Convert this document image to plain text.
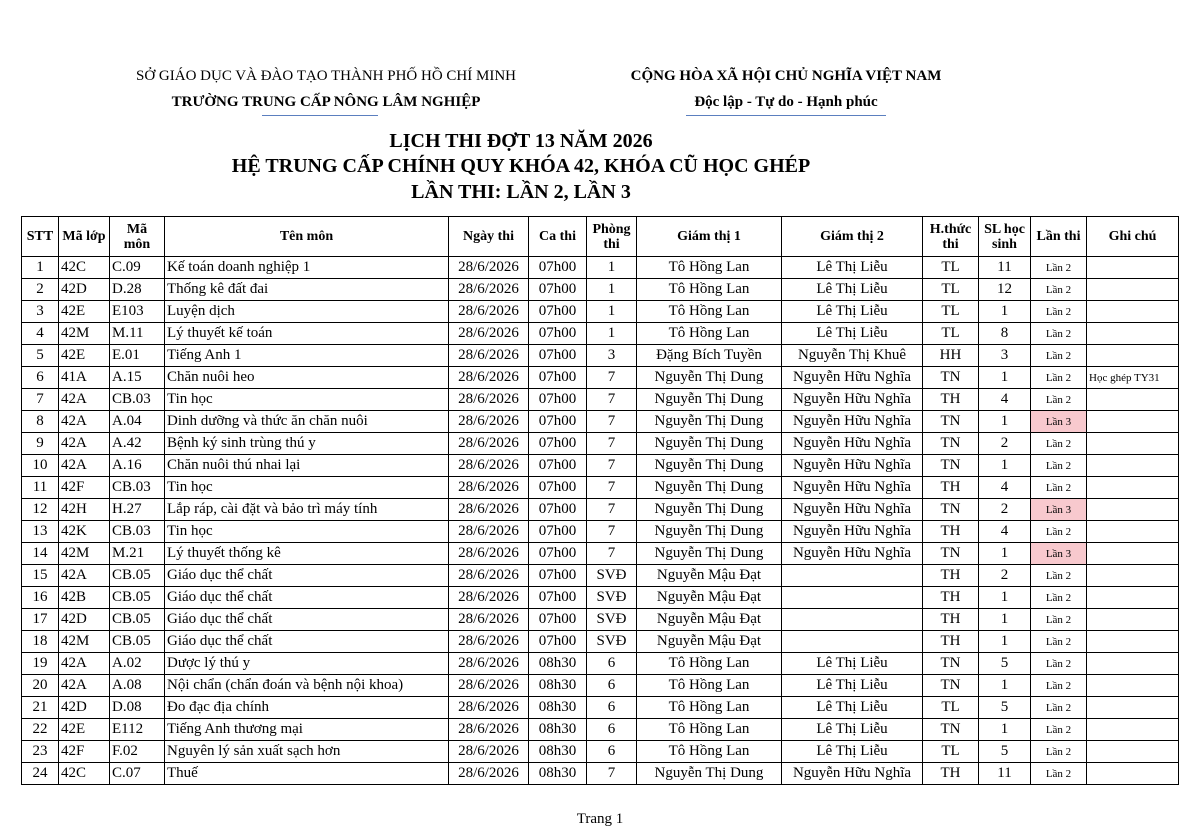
SỞ GIÁO DỤC VÀ ĐÀO TẠO THÀNH PHỐ HỒ CHÍ MINH
TRƯỜNG TRUNG CẤP NÔNG LÂM NGHIỆP
CỘNG HÒA XÃ HỘI CHỦ NGHĨA VIỆT NAM
Độc lập - Tự do - Hạnh phúc
LỊCH THI ĐỢT 13 NĂM 2026
HỆ TRUNG CẤP CHÍNH QUY KHÓA 42, KHÓA CŨ HỌC GHÉP
LẦN THI: LẦN 2, LẦN 3
STT	Mã lớp	Mã môn	Tên môn	Ngày thi	Ca thi	Phòng thi	Giám thị 1	Giám thị 2	H.thức thi	SL học sinh	Lần thi	Ghi chú
1	42C	C.09	Kế toán doanh nghiệp 1	28/6/2026	07h00	1	Tô Hồng Lan	Lê Thị Liễu	TL	11	Lần 2	
2	42D	D.28	Thống kê đất đai	28/6/2026	07h00	1	Tô Hồng Lan	Lê Thị Liễu	TL	12	Lần 2	
3	42E	E103	Luyện dịch	28/6/2026	07h00	1	Tô Hồng Lan	Lê Thị Liễu	TL	1	Lần 2	
4	42M	M.11	Lý thuyết kế toán	28/6/2026	07h00	1	Tô Hồng Lan	Lê Thị Liễu	TL	8	Lần 2	
5	42E	E.01	Tiếng Anh 1	28/6/2026	07h00	3	Đặng Bích Tuyền	Nguyễn Thị Khuê	HH	3	Lần 2	
6	41A	A.15	Chăn nuôi heo	28/6/2026	07h00	7	Nguyễn Thị Dung	Nguyễn Hữu Nghĩa	TN	1	Lần 2	Học ghép TY31
7	42A	CB.03	Tin học	28/6/2026	07h00	7	Nguyễn Thị Dung	Nguyễn Hữu Nghĩa	TH	4	Lần 2	
8	42A	A.04	Dinh dưỡng và thức ăn chăn nuôi	28/6/2026	07h00	7	Nguyễn Thị Dung	Nguyễn Hữu Nghĩa	TN	1	Lần 3	
9	42A	A.42	Bệnh ký sinh trùng thú y	28/6/2026	07h00	7	Nguyễn Thị Dung	Nguyễn Hữu Nghĩa	TN	2	Lần 2	
10	42A	A.16	Chăn nuôi thú nhai lại	28/6/2026	07h00	7	Nguyễn Thị Dung	Nguyễn Hữu Nghĩa	TN	1	Lần 2	
11	42F	CB.03	Tin học	28/6/2026	07h00	7	Nguyễn Thị Dung	Nguyễn Hữu Nghĩa	TH	4	Lần 2	
12	42H	H.27	Lắp ráp, cài đặt và bảo trì máy tính	28/6/2026	07h00	7	Nguyễn Thị Dung	Nguyễn Hữu Nghĩa	TN	2	Lần 3	
13	42K	CB.03	Tin học	28/6/2026	07h00	7	Nguyễn Thị Dung	Nguyễn Hữu Nghĩa	TH	4	Lần 2	
14	42M	M.21	Lý thuyết thống kê	28/6/2026	07h00	7	Nguyễn Thị Dung	Nguyễn Hữu Nghĩa	TN	1	Lần 3	
15	42A	CB.05	Giáo dục thể chất	28/6/2026	07h00	SVĐ	Nguyễn Mậu Đạt		TH	2	Lần 2	
16	42B	CB.05	Giáo dục thể chất	28/6/2026	07h00	SVĐ	Nguyễn Mậu Đạt		TH	1	Lần 2	
17	42D	CB.05	Giáo dục thể chất	28/6/2026	07h00	SVĐ	Nguyễn Mậu Đạt		TH	1	Lần 2	
18	42M	CB.05	Giáo dục thể chất	28/6/2026	07h00	SVĐ	Nguyễn Mậu Đạt		TH	1	Lần 2	
19	42A	A.02	Dược lý thú y	28/6/2026	08h30	6	Tô Hồng Lan	Lê Thị Liễu	TN	5	Lần 2	
20	42A	A.08	Nội chẩn (chẩn đoán và bệnh nội khoa)	28/6/2026	08h30	6	Tô Hồng Lan	Lê Thị Liễu	TN	1	Lần 2	
21	42D	D.08	Đo đạc địa chính	28/6/2026	08h30	6	Tô Hồng Lan	Lê Thị Liễu	TL	5	Lần 2	
22	42E	E112	Tiếng Anh thương mại	28/6/2026	08h30	6	Tô Hồng Lan	Lê Thị Liễu	TN	1	Lần 2	
23	42F	F.02	Nguyên lý sản xuất sạch hơn	28/6/2026	08h30	6	Tô Hồng Lan	Lê Thị Liễu	TL	5	Lần 2	
24	42C	C.07	Thuế	28/6/2026	08h30	7	Nguyễn Thị Dung	Nguyễn Hữu Nghĩa	TH	11	Lần 2	
Trang 1
